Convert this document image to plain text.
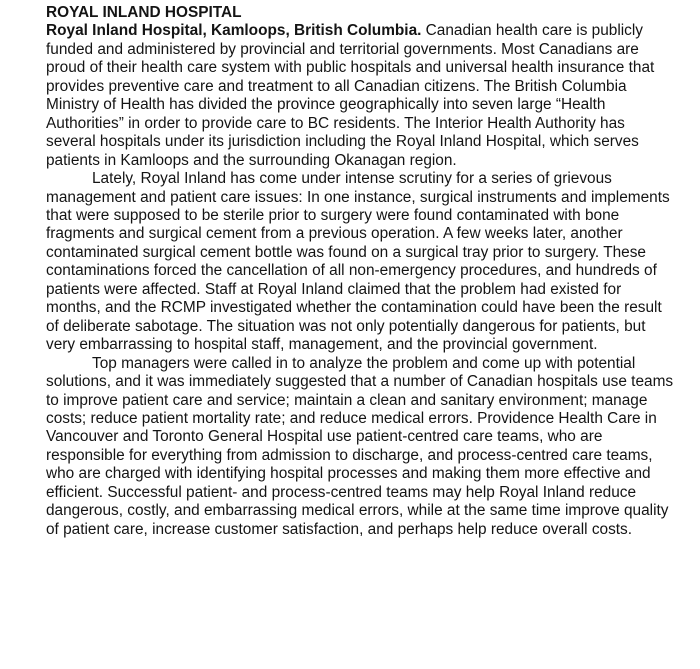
ROYAL INLAND HOSPITAL

Royal Inland Hospital, Kamloops, British Columbia. Canadian health care is publicly funded and administered by provincial and territorial governments. Most Canadians are proud of their health care system with public hospitals and universal health insurance that provides preventive care and treatment to all Canadian citizens. The British Columbia Ministry of Health has divided the province geographically into seven large “Health Authorities” in order to provide care to BC residents. The Interior Health Authority has several hospitals under its jurisdiction including the Royal Inland Hospital, which serves patients in Kamloops and the surrounding Okanagan region.

Lately, Royal Inland has come under intense scrutiny for a series of grievous management and patient care issues: In one instance, surgical instruments and implements that were supposed to be sterile prior to surgery were found contaminated with bone fragments and surgical cement from a previous operation. A few weeks later, another contaminated surgical cement bottle was found on a surgical tray prior to surgery. These contaminations forced the cancellation of all non-emergency procedures, and hundreds of patients were affected. Staff at Royal Inland claimed that the problem had existed for months, and the RCMP investigated whether the contamination could have been the result of deliberate sabotage. The situation was not only potentially dangerous for patients, but very embarrassing to hospital staff, management, and the provincial government.

Top managers were called in to analyze the problem and come up with potential solutions, and it was immediately suggested that a number of Canadian hospitals use teams to improve patient care and service; maintain a clean and sanitary environment; manage costs; reduce patient mortality rate; and reduce medical errors. Providence Health Care in Vancouver and Toronto General Hospital use patient-centred care teams, who are responsible for everything from admission to discharge, and process-centred care teams, who are charged with identifying hospital processes and making them more effective and efficient. Successful patient- and process-centred teams may help Royal Inland reduce dangerous, costly, and embarrassing medical errors, while at the same time improve quality of patient care, increase customer satisfaction, and perhaps help reduce overall costs.
